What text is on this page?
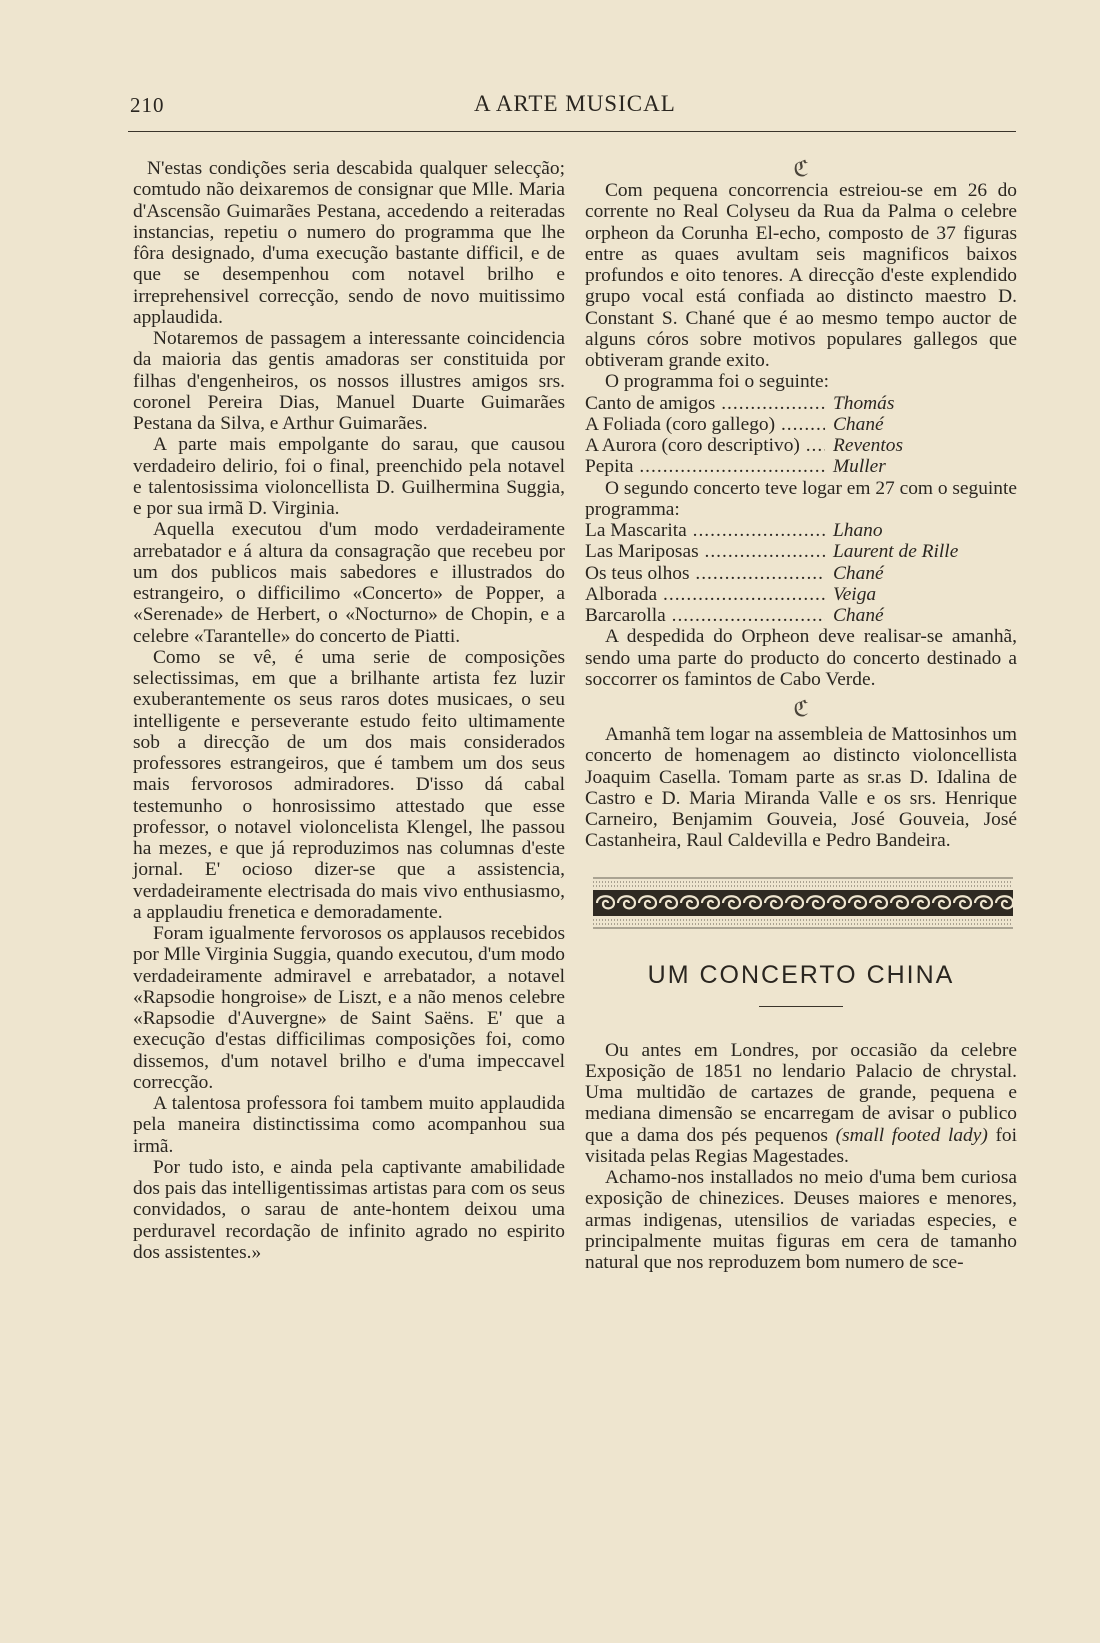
210	A ARTE MUSICAL

N'estas condições seria descabida qualquer selecção; comtudo não deixaremos de consignar que Mlle. Maria d'Ascensão Guimarães Pestana, accedendo a reiteradas instancias, repetiu o numero do programma que lhe fôra designado, d'uma execução bastante difficil, e de que se desempenhou com notavel brilho e irreprehensivel correcção, sendo de novo muitissimo applaudida.

Notaremos de passagem a interessante coincidencia da maioria das gentis amadoras ser constituida por filhas d'engenheiros, os nossos illustres amigos srs. coronel Pereira Dias, Manuel Duarte Guimarães Pestana da Silva, e Arthur Guimarães.

A parte mais empolgante do sarau, que causou verdadeiro delirio, foi o final, preenchido pela notavel e talentosissima violoncellista D. Guilhermina Suggia, e por sua irmã D. Virginia.

Aquella executou d'um modo verdadeiramente arrebatador e á altura da consagração que recebeu por um dos publicos mais sabedores e illustrados do estrangeiro, o difficilimo «Concerto» de Popper, a «Serenade» de Herbert, o «Nocturno» de Chopin, e a celebre «Tarantelle» do concerto de Piatti.

Como se vê, é uma serie de composições selectissimas, em que a brilhante artista fez luzir exuberantemente os seus raros dotes musicaes, o seu intelligente e perseverante estudo feito ultimamente sob a direcção de um dos mais considerados professores estrangeiros, que é tambem um dos seus mais fervorosos admiradores. D'isso dá cabal testemunho o honrosissimo attestado que esse professor, o notavel violoncelista Klengel, lhe passou ha mezes, e que já reproduzimos nas columnas d'este jornal. E' ocioso dizer-se que a assistencia, verdadeiramente electrisada do mais vivo enthusiasmo, a applaudiu frenetica e demoradamente.

Foram igualmente fervorosos os applausos recebidos por Mlle Virginia Suggia, quando executou, d'um modo verdadeiramente admiravel e arrebatador, a notavel «Rapsodie hongroise» de Liszt, e a não menos celebre «Rapsodie d'Auvergne» de Saint Saëns. E' que a execução d'estas difficilimas composições foi, como dissemos, d'um notavel brilho e d'uma impeccavel correcção.

A talentosa professora foi tambem muito applaudida pela maneira distinctissima como acompanhou sua irmã.

Por tudo isto, e ainda pela captivante amabilidade dos pais das intelligentissimas artistas para com os seus convidados, o sarau de ante-hontem deixou uma perduravel recordação de infinito agrado no espirito dos assistentes.»

ℭ

Com pequena concorrencia estreiou-se em 26 do corrente no Real Colyseu da Rua da Palma o celebre orpheon da Corunha El-echo, composto de 37 figuras entre as quaes avultam seis magnificos baixos profundos e oito tenores. A direcção d'este explendido grupo vocal está confiada ao distincto maestro D. Constant S. Chané que é ao mesmo tempo auctor de alguns córos sobre motivos populares gallegos que obtiveram grande exito.

O programma foi o seguinte:

Canto de amigos .....	Thomás
A Foliada (coro gallego) .....	Chané
A Aurora (coro descriptivo) .....	Reventos
Pepita .....	Muller

O segundo concerto teve logar em 27 com o seguinte programma:

La Mascarita .....	Lhano
Las Mariposas .....	Laurent de Rille
Os teus olhos .....	Chané
Alborada .....	Veiga
Barcarolla .....	Chané

A despedida do Orpheon deve realisar-se amanhã, sendo uma parte do producto do concerto destinado a soccorrer os famintos de Cabo Verde.

ℭ

Amanhã tem logar na assembleia de Mattosinhos um concerto de homenagem ao distincto violoncellista Joaquim Casella. Tomam parte as sr.as D. Idalina de Castro e D. Maria Miranda Valle e os srs. Henrique Carneiro, Benjamim Gouveia, José Gouveia, José Castanheira, Raul Caldevilla e Pedro Bandeira.

UM CONCERTO CHINA

Ou antes em Londres, por occasião da celebre Exposição de 1851 no lendario Palacio de chrystal. Uma multidão de cartazes de grande, pequena e mediana dimensão se encarregam de avisar o publico que a dama dos pés pequenos (small footed lady) foi visitada pelas Regias Magestades.

Achamo-nos installados no meio d'uma bem curiosa exposição de chinezices. Deuses maiores e menores, armas indigenas, utensilios de variadas especies, e principalmente muitas figuras em cera de tamanho natural que nos reproduzem bom numero de sce-
